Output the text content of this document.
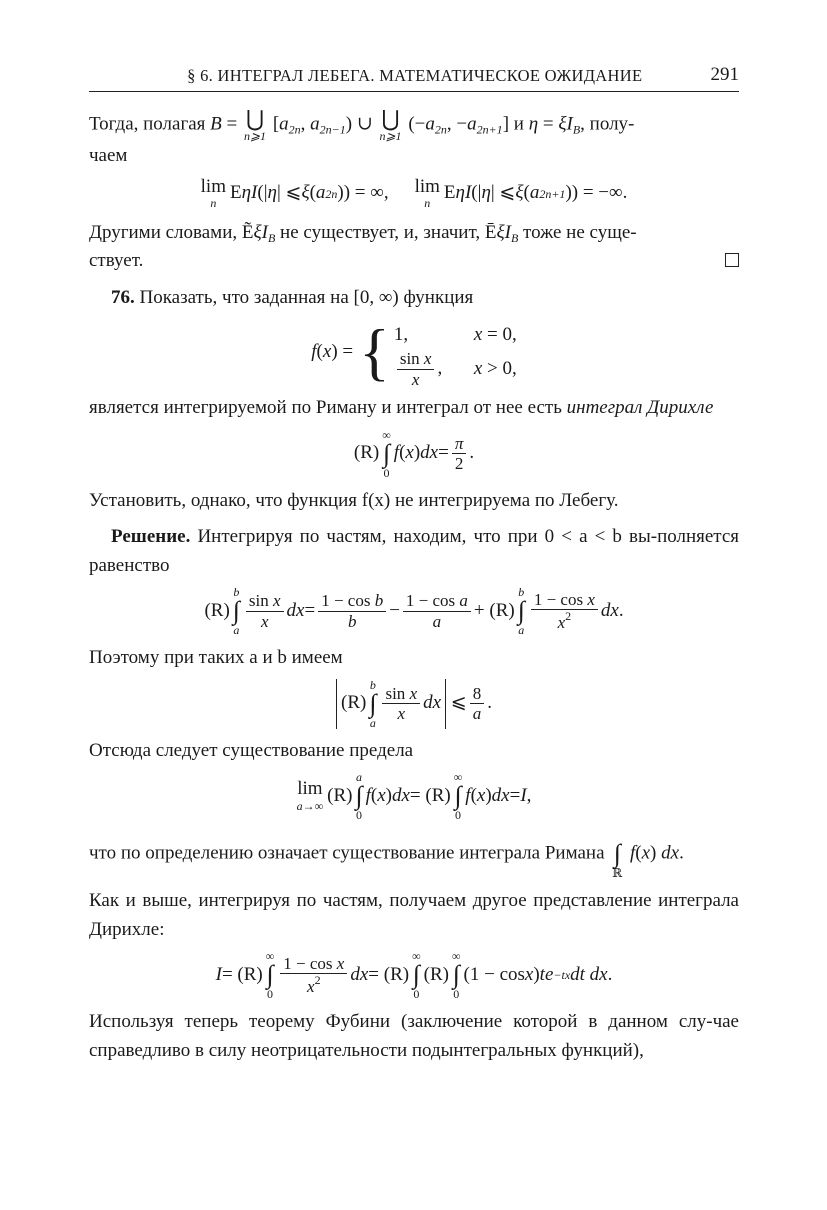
§ 6. ИНТЕГРАЛ ЛЕБЕГА. МАТЕМАТИЧЕСКОЕ ОЖИДАНИЕ	291

Тогда, полагая B = ⋃
n⩾1
[$a_{2n}$, $a_{2n-1}$) ∪ ⋃
n⩾1
($-a_{2n}$, $-a_{2n+1}$] и $\eta = \xi I_B$, полу-
чаем

lim
n
E ηI (| η | ⩽ ξ ( a 2n )) = ∞, lim
n
E ηI (| η | ⩽ ξ ( a 2n+1 )) = −∞.

Другими словами, ẼξI$_B$ не существует, и, значит, ĒξI$_B$ тоже не суще-
ствует.

76. Показать, что заданная на [0, ∞) функция

f ( x ) = { 1,	x = 0,
$\frac{\text{sin x}}{x}$ , x > 0,

является интегрируемой по Риману и интеграл от нее есть интеграл Дирихле

(R)
∞
∫
0
f ( x ) dx = $\frac{\pi}{2}$ .

Установить, однако, что функция f(x) не интегрируема по Лебегу.

Решение. Интегрируя по частям, находим, что при 0 < a < b вы-полняется равенство

(R)
b
∫
a $\frac{\text{sin x}}{x}$ dx = $\frac{\text{1 − cos b}}{b} - \frac{\text{1 − cos a}}{a} + (R)$
b
∫
a $\frac{\text{1 − cos x}}{x^2}$ dx .

Поэтому при таких a и b имеем

(R)
b
∫
a $\frac{\text{sin x}}{x}$ dx ⩽ $\frac{8}{a}$ .

Отсюда следует существование предела

lim
a→∞
(R)
a
∫
0
f ( x ) dx = (R)
∞
∫
0
f ( x ) dx = I ,

что по определению означает существование интеграла Римана
∫
ℝ
f(x) dx.

Как и выше, интегрируя по частям, получаем другое представление интеграла Дирихле:

I = (R)
∞
∫
$0 \frac{\text{1 − cos x}}{x^2}$ dx = (R)
∞
∫
0
(R)
∞
∫
0
(1 − cos x ) te −tx dt dx .

Используя теперь теорему Фубини (заключение которой в данном слу-чае справедливо в силу неотрицательности подынтегральных функций),
